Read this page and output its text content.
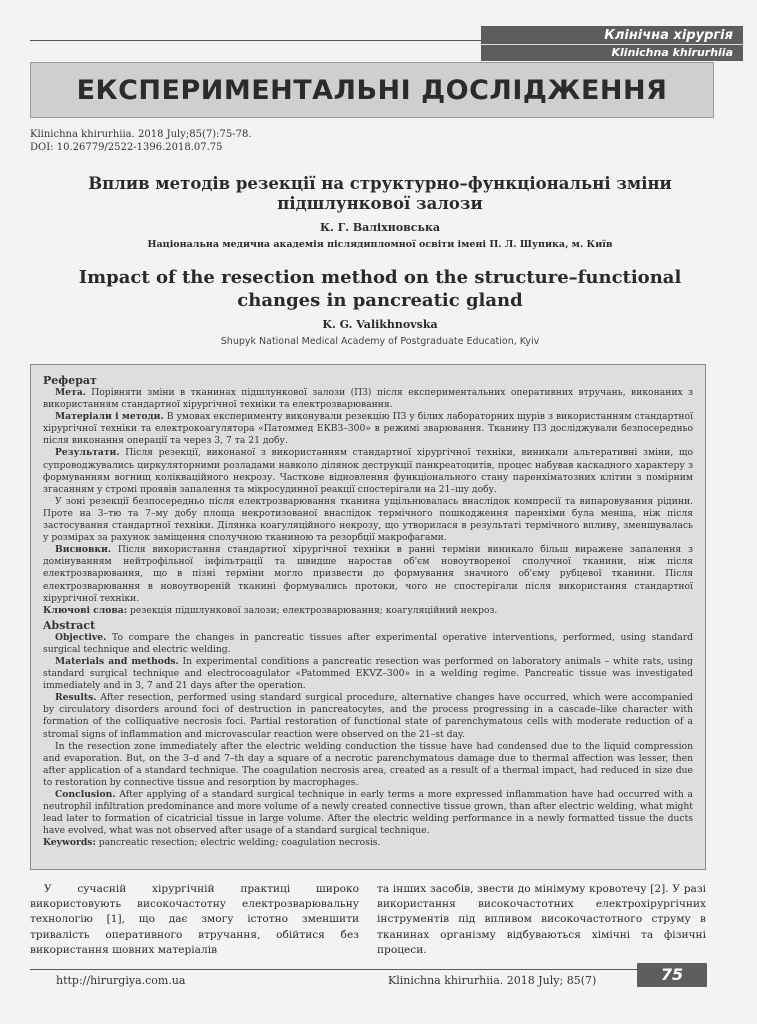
Клінічна хірургія
Klinichna khirurhiia
ЕКСПЕРИМЕНТАЛЬНІ ДОСЛІДЖЕННЯ
Klinichna khirurhiia. 2018 July;85(7):75-78.
DOI: 10.26779/2522-1396.2018.07.75
Вплив методів резекції на структурно–функціональні зміни підшлункової залози
К. Г. Валіхновська
Національна медична академія післядипломної освіти імені П. Л. Шупика, м. Київ
Impact of the resection method on the structure–functional changes in pancreatic gland
K. G. Valikhnovska
Shupyk National Medical Academy of Postgraduate Education, Kyiv
Реферат

Мета. Порівняти зміни в тканинах підшлункової залози (ПЗ) після експериментальних оперативних втручань, виконаних з використанням стандартної хірургічної техніки та електрозварювання.

Матеріали і методи. В умовах експерименту виконували резекцію ПЗ у білих лабораторних щурів з використанням стандартної хірургічної техніки та електрокоагулятора «Патоммед ЕКВЗ–300» в режимі зварювання. Тканину ПЗ досліджували безпосередньо після виконання операції та через 3, 7 та 21 добу.

Результати. Після резекції, виконаної з використанням стандартної хірургічної техніки, виникали альтеративні зміни, що супроводжувались циркуляторними розладами навколо ділянок деструкції панкреатоцитів, процес набував каскадного характеру з формуванням вогнищ колікваційного некрозу. Часткове відновлення функціонального стану паренхіматозних клітин з помірним згасанням у стромі проявів запалення та мікросудинної реакції спостерігали на 21–шу добу.

У зоні резекції безпосередньо після електрозварювання тканина ущільнювалась внаслідок компресії та випаровування рідини. Проте на 3–тю та 7–му добу площа некротизованої внаслідок термічного пошкодження паренхіми була менша, ніж після застосування стандартної техніки. Ділянка коагуляційного некрозу, що утворилася в результаті термічного впливу, зменшувалась у розмірах за рахунок заміщення сполучною тканиною та резорбції макрофагами.

Висновки. Після використання стандартної хірургічної техніки в ранні терміни виникало більш виражене запалення з домінуванням нейтрофільної інфільтрації та швидше наростав об'єм новоутвореної сполучної тканини, ніж після електрозварювання, що в пізні терміни могло призвести до формування значного об'єму рубцевої тканини. Після електрозварювання в новоутвореній тканині формувались протоки, чого не спостерігали після використання стандартної хірургічної техніки.

Ключові слова: резекція підшлункової залози; електрозварювання; коагуляційний некроз.

Abstract

Objective. To compare the changes in pancreatic tissues after experimental operative interventions, performed, using standard surgical technique and electric welding.

Materials and methods. In experimental conditions a pancreatic resection was performed on laboratory animals – white rats, using standard surgical technique and electrocoagulator «Patommed EKVZ–300» in a welding regime. Pancreatic tissue was investigated immediately and in 3, 7 and 21 days after the operation.

Results. After resection, performed using standard surgical procedure, alternative changes have occurred, which were accompanied by circulatory disorders around foci of destruction in pancreatocytes, and the process progressing in a cascade–like character with formation of the colliquative necrosis foci. Partial restoration of functional state of parenchymatous cells with moderate reduction of a stromal signs of inflammation and microvascular reaction were observed on the 21–st day.

In the resection zone immediately after the electric welding conduction the tissue have had condensed due to the liquid compression and evaporation. But, on the 3–d and 7–th day a square of a necrotic parenchymatous damage due to thermal affection was lesser, then after application of a standard technique. The coagulation necrosis area, created as a result of a thermal impact, had reduced in size due to restoration by connective tissue and resorption by macrophages.

Conclusion. After applying of a standard surgical technique in early terms a more expressed inflammation have had occurred with a neutrophil infiltration predominance and more volume of a newly created connective tissue grown, than after electric welding, what might lead later to formation of cicatricial tissue in large volume. After the electric welding performance in a newly formatted tissue the ducts have evolved, what was not observed after usage of a standard surgical technique.

Keywords: pancreatic resection; electric welding; coagulation necrosis.

У сучасній хірургічній практиці широко використовують високочастотну електрозварювальну технологію [1], що дає змогу істотно зменшити тривалість оперативного втручання, обійтися без використання шовних матеріалів

та інших засобів, звести до мінімуму кровотечу [2]. У разі використання високочастотних електрохірургічних інструментів під впливом високочастотного струму в тканинах організму відбуваються хімічні та фізичні процеси.

http://hirurgiya.com.ua	Klinichna khirurhiia. 2018 July; 85(7)	75
